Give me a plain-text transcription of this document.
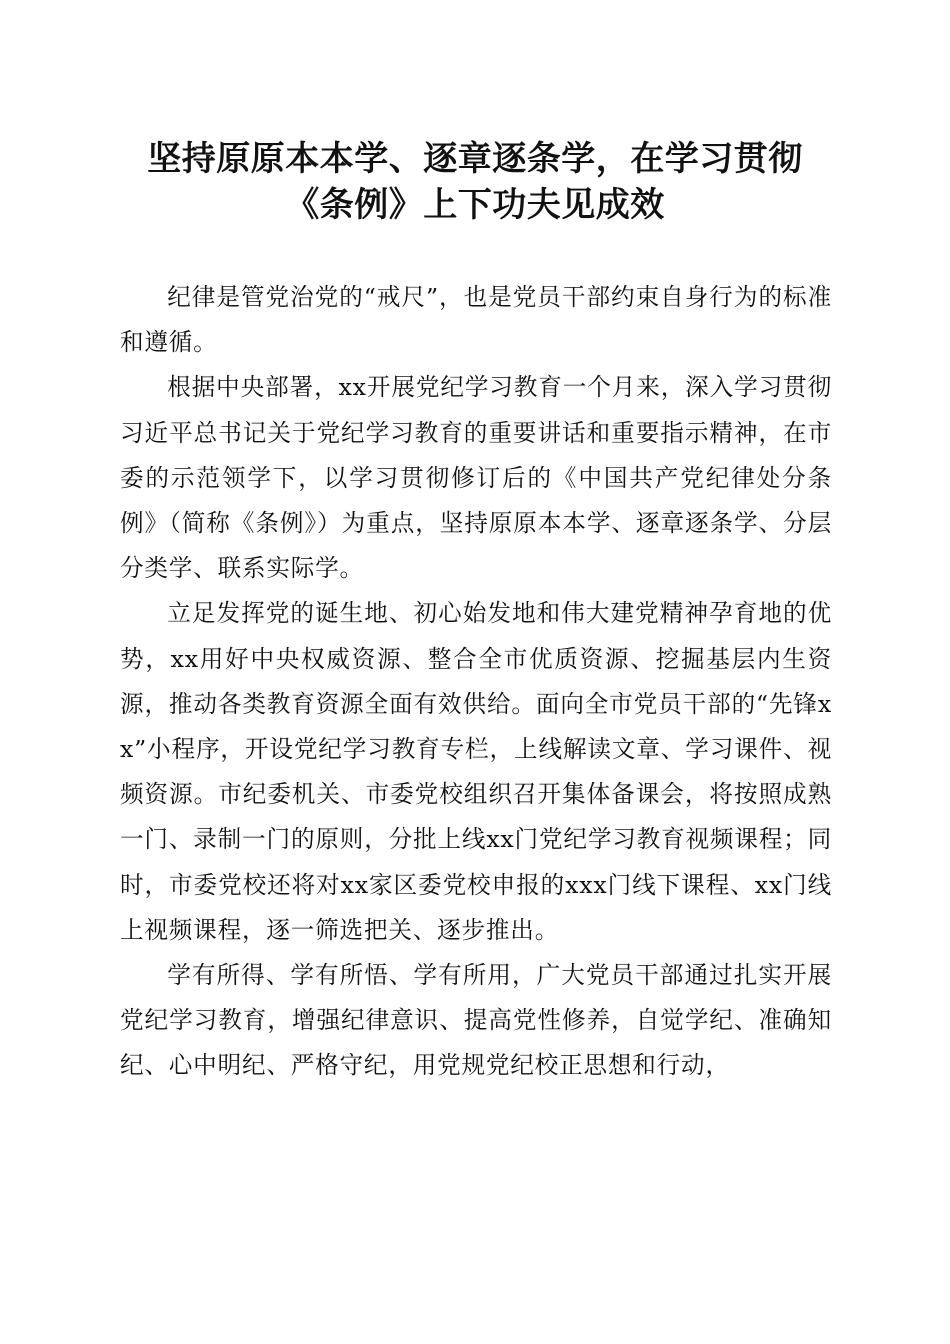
坚持原原本本学、逐章逐条学，在学习贯彻
《条例》上下功夫见成效

纪律是管党治党的“戒尺”，也是党员干部约束自身行为的标准和遵循。

根据中央部署，xx开展党纪学习教育一个月来，深入学习贯彻习近平总书记关于党纪学习教育的重要讲话和重要指示精神，在市委的示范领学下，以学习贯彻修订后的《中国共产党纪律处分条例》（简称《条例》）为重点，坚持原原本本学、逐章逐条学、分层分类学、联系实际学。

立足发挥党的诞生地、初心始发地和伟大建党精神孕育地的优势，xx用好中央权威资源、整合全市优质资源、挖掘基层内生资源，推动各类教育资源全面有效供给。面向全市党员干部的“先锋xx”小程序，开设党纪学习教育专栏，上线解读文章、学习课件、视频资源。市纪委机关、市委党校组织召开集体备课会，将按照成熟一门、录制一门的原则，分批上线xx门党纪学习教育视频课程；同时，市委党校还将对xx家区委党校申报的xxx门线下课程、xx门线上视频课程，逐一筛选把关、逐步推出。

学有所得、学有所悟、学有所用，广大党员干部通过扎实开展党纪学习教育，增强纪律意识、提高党性修养，自觉学纪、准确知纪、心中明纪、严格守纪，用党规党纪校正思想和行动，
